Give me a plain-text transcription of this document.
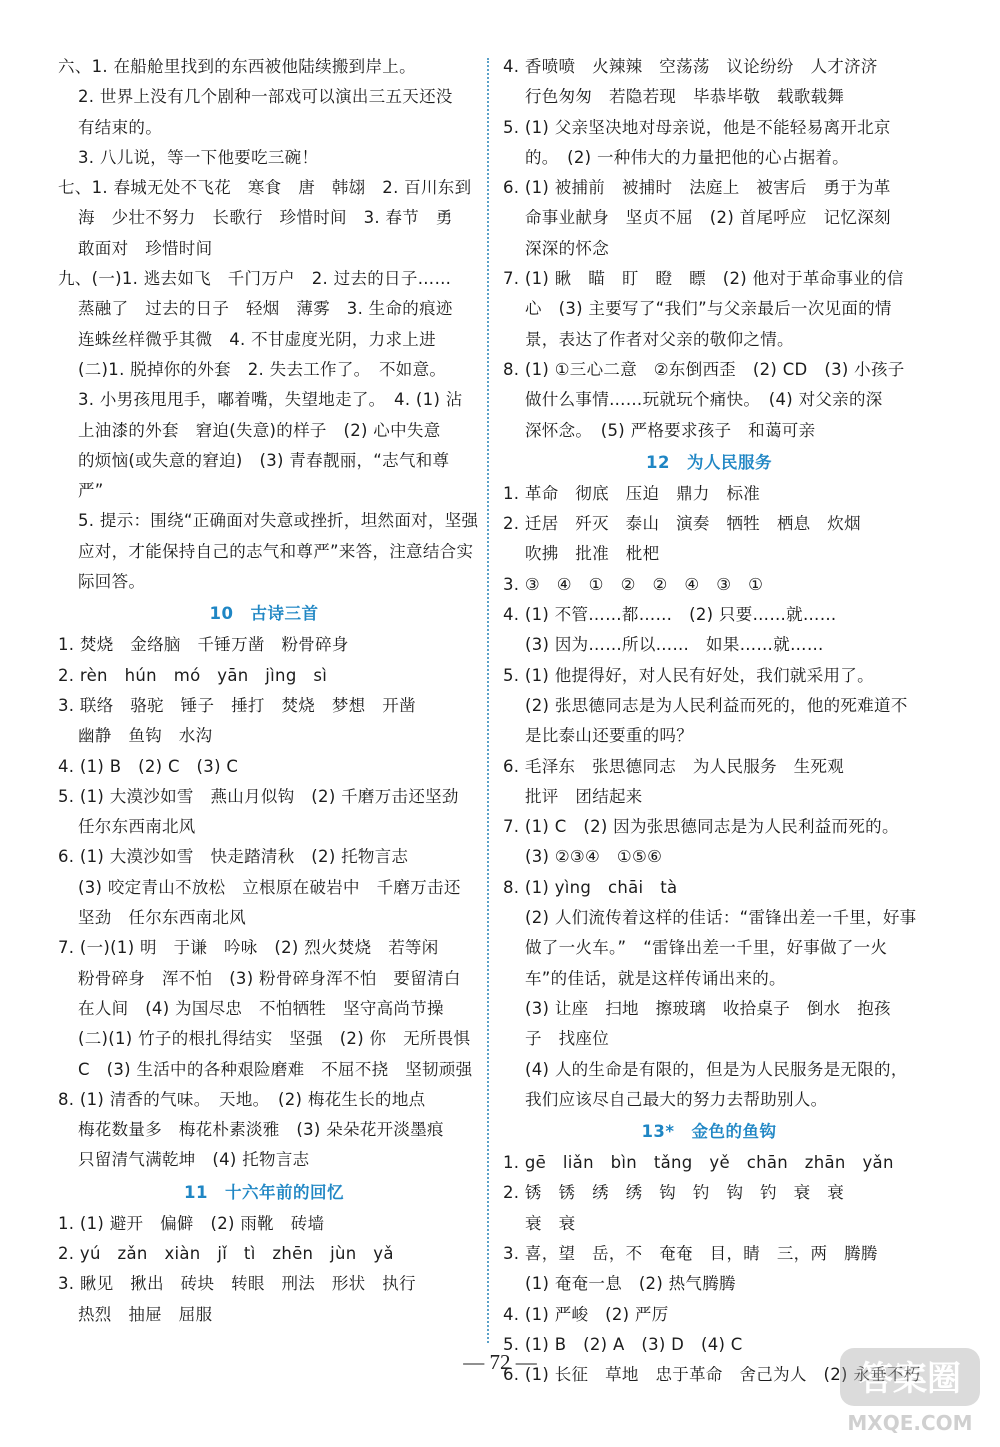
六、1. 在船舱里找到的东西被他陆续搬到岸上。
2. 世界上没有几个剧种一部戏可以演出三五天还没
有结束的。
3. 八儿说，等一下他要吃三碗！
七、1. 春城无处不飞花　寒食　唐　韩翃　2. 百川东到
海　少壮不努力　长歌行　珍惜时间　3. 春节　勇
敢面对　珍惜时间
九、(一)1. 逃去如飞　千门万户　2. 过去的日子……
蒸融了　过去的日子　轻烟　薄雾　3. 生命的痕迹
连蛛丝样微乎其微　4. 不甘虚度光阴，力求上进
(二)1. 脱掉你的外套　2. 失去工作了。　不如意。
3. 小男孩甩甩手，嘟着嘴，失望地走了。　4. (1) 沾
上油漆的外套　窘迫(失意)的样子　(2) 心中失意
的烦恼(或失意的窘迫)　(3) 青春靓丽，“志气和尊
严”
5. 提示：围绕“正确面对失意或挫折，坦然面对，坚强
应对，才能保持自己的志气和尊严”来答，注意结合实
际回答。
10　古诗三首
1. 焚烧　金络脑　千锤万凿　粉骨碎身
2. rèn　hún　mó　yān　jìng　sì
3. 联络　骆驼　锤子　捶打　焚烧　梦想　开凿
幽静　鱼钩　水沟
4. (1) B　(2) C　(3) C
5. (1) 大漠沙如雪　燕山月似钩　(2) 千磨万击还坚劲
任尔东西南北风
6. (1) 大漠沙如雪　快走踏清秋　(2) 托物言志
(3) 咬定青山不放松　立根原在破岩中　千磨万击还
坚劲　任尔东西南北风
7. (一)(1) 明　于谦　吟咏　(2) 烈火焚烧　若等闲
粉骨碎身　浑不怕　(3) 粉骨碎身浑不怕　要留清白
在人间　(4) 为国尽忠　不怕牺牲　坚守高尚节操
(二)(1) 竹子的根扎得结实　坚强　(2) 你　无所畏惧
C　(3) 生活中的各种艰险磨难　不屈不挠　坚韧顽强
8. (1) 清香的气味。　天地。　(2) 梅花生长的地点
梅花数量多　梅花朴素淡雅　(3) 朵朵花开淡墨痕
只留清气满乾坤　(4) 托物言志
11　十六年前的回忆
1. (1) 避开　偏僻　(2) 雨靴　砖墙
2. yú　zǎn　xiàn　jǐ　tì　zhēn　jùn　yǎ
3. 瞅见　揪出　砖块　转眼　刑法　形状　执行
热烈　抽屉　屈服
4. 香喷喷　火辣辣　空荡荡　议论纷纷　人才济济
行色匆匆　若隐若现　毕恭毕敬　载歌载舞
5. (1) 父亲坚决地对母亲说，他是不能轻易离开北京
的。　(2) 一种伟大的力量把他的心占据着。
6. (1) 被捕前　被捕时　法庭上　被害后　勇于为革
命事业献身　坚贞不屈　(2) 首尾呼应　记忆深刻
深深的怀念
7. (1) 瞅　瞄　盯　瞪　瞟　(2) 他对于革命事业的信
心　(3) 主要写了“我们”与父亲最后一次见面的情
景，表达了作者对父亲的敬仰之情。
8. (1) ①三心二意　②东倒西歪　(2) CD　(3) 小孩子
做什么事情……玩就玩个痛快。　(4) 对父亲的深
深怀念。　(5) 严格要求孩子　和蔼可亲
12　为人民服务
1. 革命　彻底　压迫　鼎力　标准
2. 迁居　歼灭　泰山　演奏　牺牲　栖息　炊烟
吹拂　批准　枇杷
3. ③　④　①　②　②　④　③　①
4. (1) 不管……都……　(2) 只要……就……
(3) 因为……所以……　如果……就……
5. (1) 他提得好，对人民有好处，我们就采用了。
(2) 张思德同志是为人民利益而死的，他的死难道不
是比泰山还要重的吗？
6. 毛泽东　张思德同志　为人民服务　生死观
批评　团结起来
7. (1) C　(2) 因为张思德同志是为人民利益而死的。
(3) ②③④　①⑤⑥
8. (1) yìng　chāi　tà
(2) 人们流传着这样的佳话：“雷锋出差一千里，好事
做了一火车。”　“雷锋出差一千里，好事做了一火
车”的佳话，就是这样传诵出来的。
(3) 让座　扫地　擦玻璃　收拾桌子　倒水　抱孩
子　找座位
(4) 人的生命是有限的，但是为人民服务是无限的，
我们应该尽自己最大的努力去帮助别人。
13*　金色的鱼钩
1. gē　liǎn　bìn　tǎng　yě　chān　zhān　yǎn
2. 锈　锈　绣　绣　钩　钓　钩　钓　衰　衰
衰　衰
3. 喜，望　岳，不　奄奄　目，睛　三，两　腾腾
(1) 奄奄一息　(2) 热气腾腾
4. (1) 严峻　(2) 严厉
5. (1) B　(2) A　(3) D　(4) C
6. (1) 长征　草地　忠于革命　舍己为人　(2) 永垂不朽
— 72 —	答案圈
MXQE.COM
